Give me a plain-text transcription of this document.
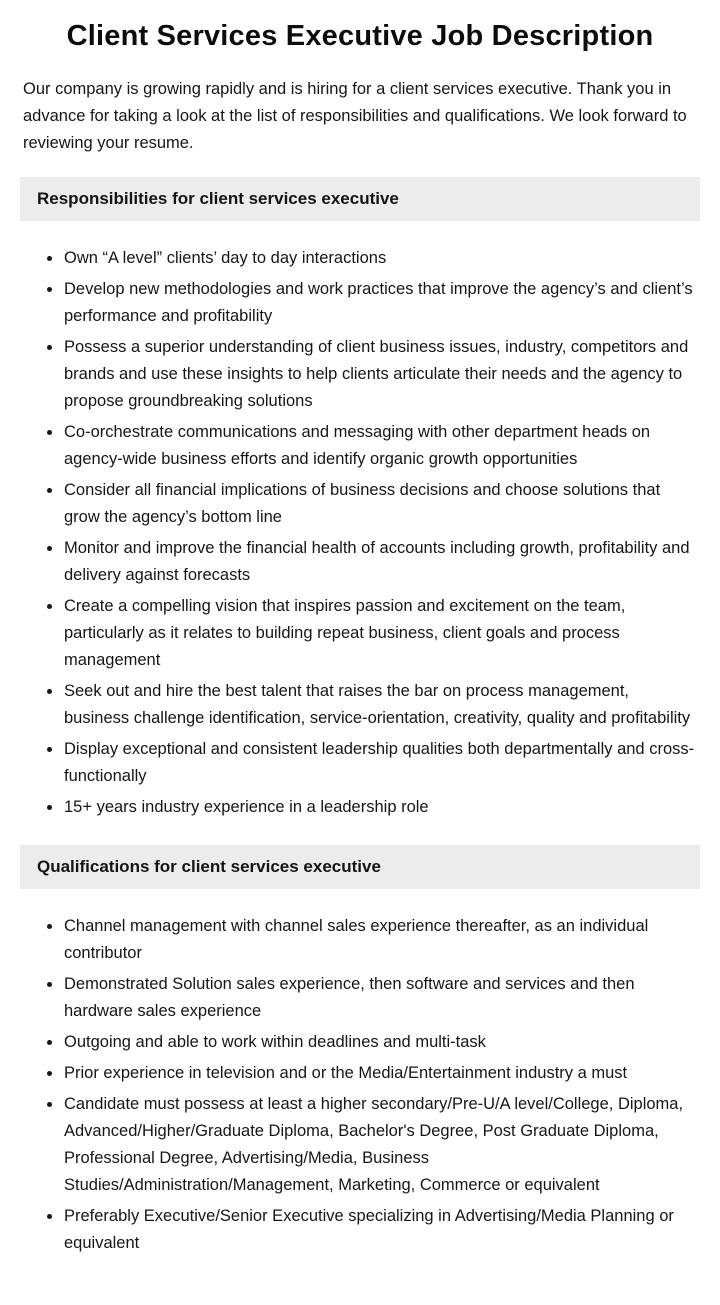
Client Services Executive Job Description

Our company is growing rapidly and is hiring for a client services executive. Thank you in advance for taking a look at the list of responsibilities and qualifications. We look forward to reviewing your resume.

Responsibilities for client services executive
• Own “A level” clients’ day to day interactions
• Develop new methodologies and work practices that improve the agency’s and client’s performance and profitability
• Possess a superior understanding of client business issues, industry, competitors and brands and use these insights to help clients articulate their needs and the agency to propose groundbreaking solutions
• Co-orchestrate communications and messaging with other department heads on agency-wide business efforts and identify organic growth opportunities
• Consider all financial implications of business decisions and choose solutions that grow the agency’s bottom line
• Monitor and improve the financial health of accounts including growth, profitability and delivery against forecasts
• Create a compelling vision that inspires passion and excitement on the team, particularly as it relates to building repeat business, client goals and process management
• Seek out and hire the best talent that raises the bar on process management, business challenge identification, service-orientation, creativity, quality and profitability
• Display exceptional and consistent leadership qualities both departmentally and cross-functionally
• 15+ years industry experience in a leadership role
Qualifications for client services executive
• Channel management with channel sales experience thereafter, as an individual contributor
• Demonstrated Solution sales experience, then software and services and then hardware sales experience
• Outgoing and able to work within deadlines and multi-task
• Prior experience in television and or the Media/Entertainment industry a must
• Candidate must possess at least a higher secondary/Pre-U/A level/College, Diploma, Advanced/Higher/Graduate Diploma, Bachelor's Degree, Post Graduate Diploma, Professional Degree, Advertising/Media, Business Studies/Administration/Management, Marketing, Commerce or equivalent
• Preferably Executive/Senior Executive specializing in Advertising/Media Planning or equivalent
